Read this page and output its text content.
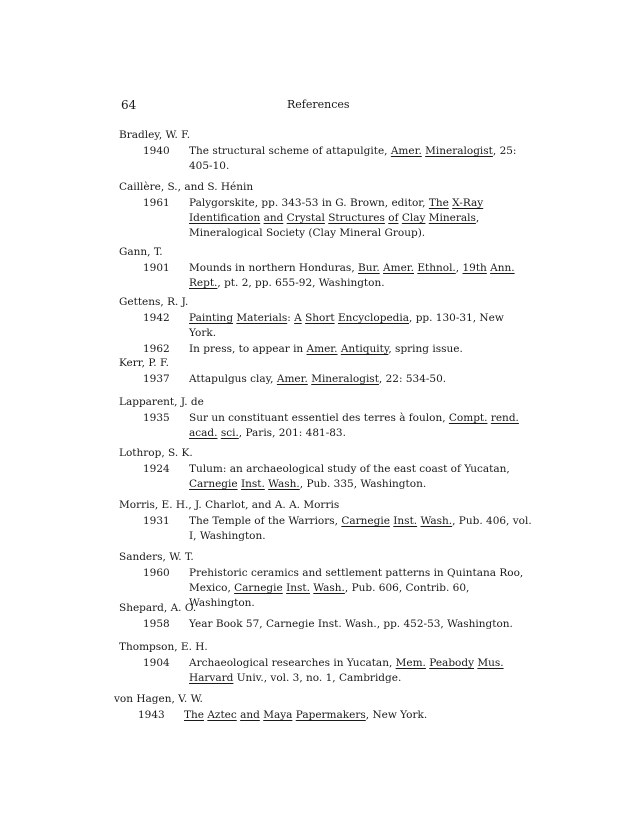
64	References
Bradley, W. F.
1940 The structural scheme of attapulgite, Amer. Mineralogist, 25: 405-10.
Caillère, S., and S. Hénin
1961 Palygorskite, pp. 343-53 in G. Brown, editor, The X-Ray Identification and Crystal Structures of Clay Minerals, Mineralogical Society (Clay Mineral Group).
Gann, T.
1901 Mounds in northern Honduras, Bur. Amer. Ethnol., 19th Ann. Rept., pt. 2, pp. 655-92, Washington.
Gettens, R. J.
1942 Painting Materials: A Short Encyclopedia, pp. 130-31, New York.
1962 In press, to appear in Amer. Antiquity, spring issue.
Kerr, P. F.
1937 Attapulgus clay, Amer. Mineralogist, 22: 534-50.
Lapparent, J. de
1935 Sur un constituant essentiel des terres à foulon, Compt. rend. acad. sci., Paris, 201: 481-83.
Lothrop, S. K.
1924 Tulum: an archaeological study of the east coast of Yucatan, Carnegie Inst. Wash., Pub. 335, Washington.
Morris, E. H., J. Charlot, and A. A. Morris
1931 The Temple of the Warriors, Carnegie Inst. Wash., Pub. 406, vol. I, Washington.
Sanders, W. T.
1960 Prehistoric ceramics and settlement patterns in Quintana Roo, Mexico, Carnegie Inst. Wash., Pub. 606, Contrib. 60, Washington.
Shepard, A. O.
1958 Year Book 57, Carnegie Inst. Wash., pp. 452-53, Washington.
Thompson, E. H.
1904 Archaeological researches in Yucatan, Mem. Peabody Mus. Harvard Univ., vol. 3, no. 1, Cambridge.
von Hagen, V. W.
1943 The Aztec and Maya Papermakers, New York.
